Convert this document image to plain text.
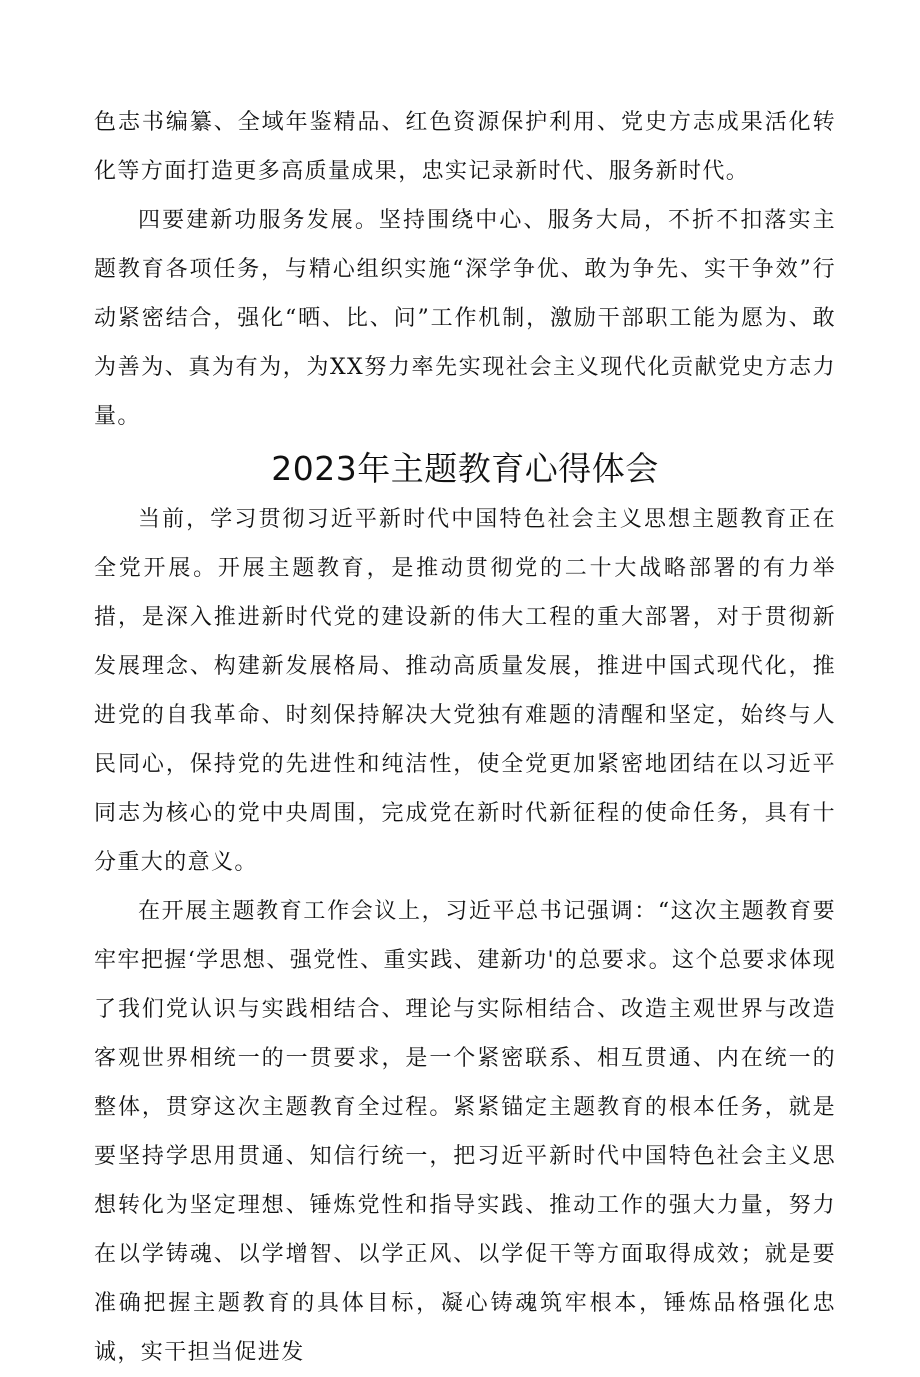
色志书编纂、全域年鉴精品、红色资源保护利用、党史方志成果活化转化等方面打造更多高质量成果，忠实记录新时代、服务新时代。

四要建新功服务发展。坚持围绕中心、服务大局，不折不扣落实主题教育各项任务，与精心组织实施“深学争优、敢为争先、实干争效”行动紧密结合，强化“晒、比、问”工作机制，激励干部职工能为愿为、敢为善为、真为有为，为XX努力率先实现社会主义现代化贡献党史方志力量。

2023年主题教育心得体会

当前，学习贯彻习近平新时代中国特色社会主义思想主题教育正在全党开展。开展主题教育，是推动贯彻党的二十大战略部署的有力举措，是深入推进新时代党的建设新的伟大工程的重大部署，对于贯彻新发展理念、构建新发展格局、推动高质量发展，推进中国式现代化，推进党的自我革命、时刻保持解决大党独有难题的清醒和坚定，始终与人民同心，保持党的先进性和纯洁性，使全党更加紧密地团结在以习近平同志为核心的党中央周围，完成党在新时代新征程的使命任务，具有十分重大的意义。

在开展主题教育工作会议上，习近平总书记强调：“这次主题教育要牢牢把握‘学思想、强党性、重实践、建新功'的总要求。这个总要求体现了我们党认识与实践相结合、理论与实际相结合、改造主观世界与改造客观世界相统一的一贯要求，是一个紧密联系、相互贯通、内在统一的整体，贯穿这次主题教育全过程。紧紧锚定主题教育的根本任务，就是要坚持学思用贯通、知信行统一，把习近平新时代中国特色社会主义思想转化为坚定理想、锤炼党性和指导实践、推动工作的强大力量，努力在以学铸魂、以学增智、以学正风、以学促干等方面取得成效；就是要准确把握主题教育的具体目标，凝心铸魂筑牢根本，锤炼品格强化忠诚，实干担当促进发
